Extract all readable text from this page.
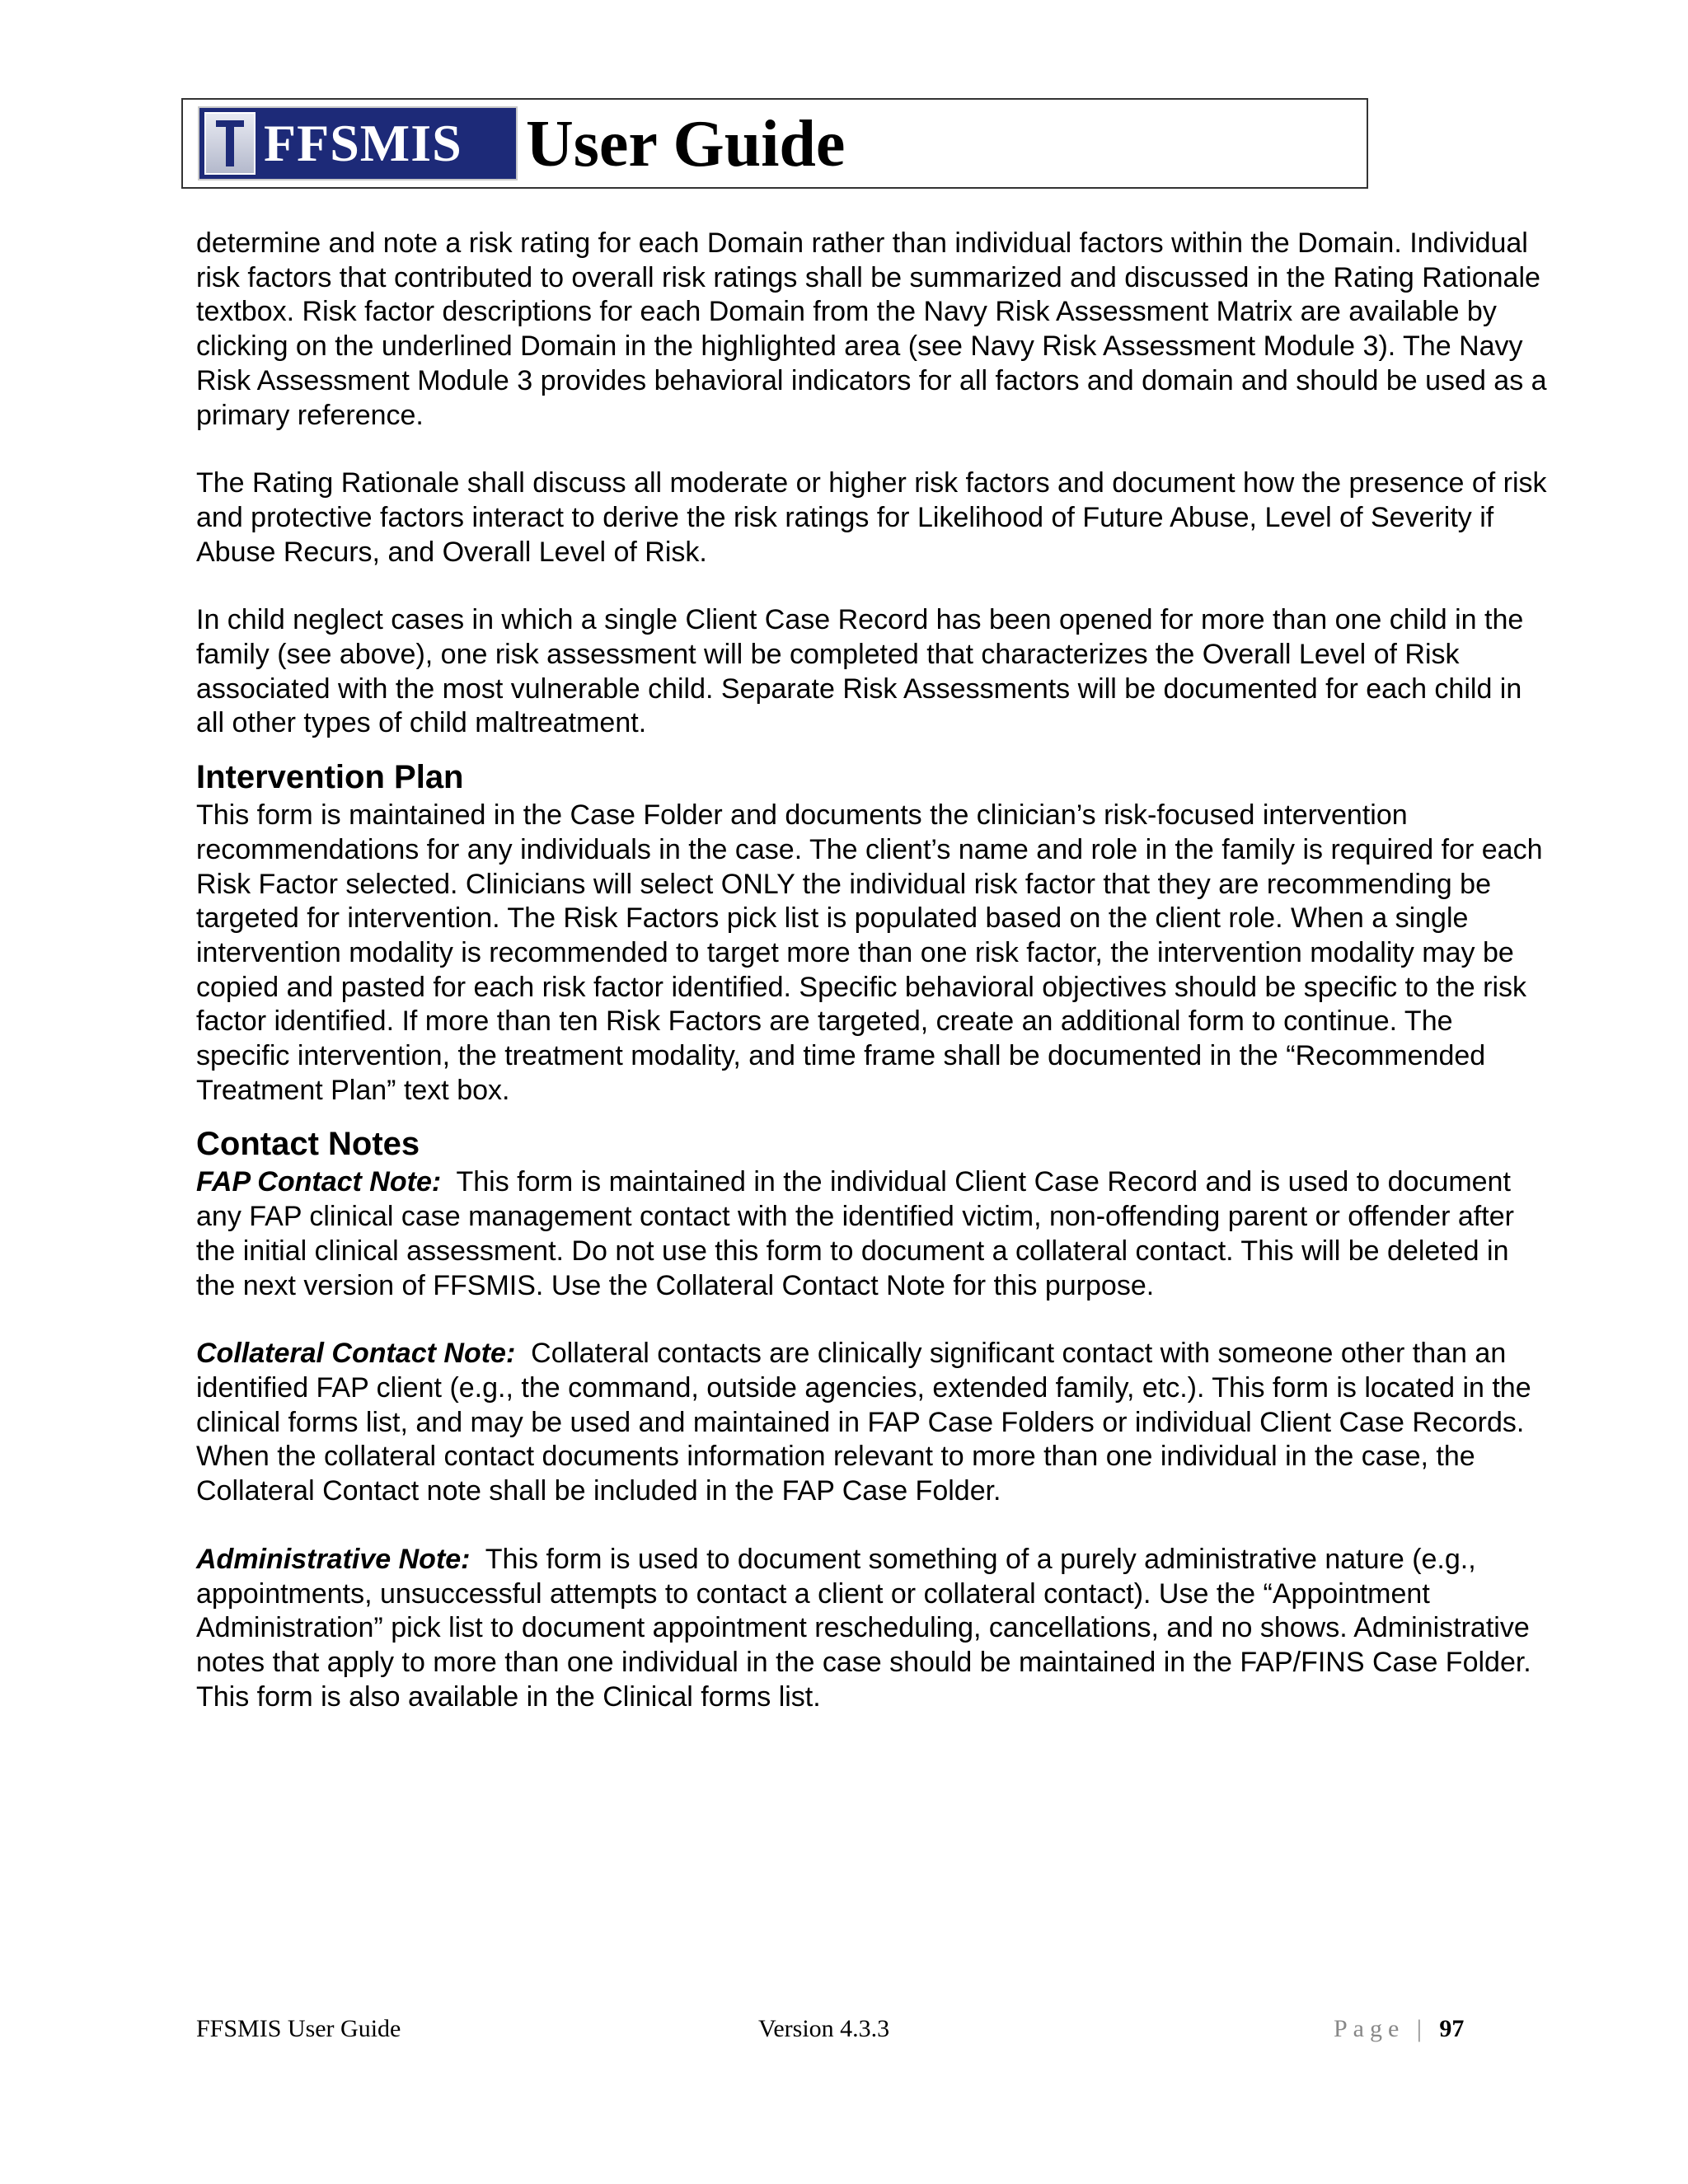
FFSMIS User Guide

determine and note a risk rating for each Domain rather than individual factors within the Domain. Individual risk factors that contributed to overall risk ratings shall be summarized and discussed in the Rating Rationale textbox. Risk factor descriptions for each Domain from the Navy Risk Assessment Matrix are available by clicking on the underlined Domain in the highlighted area (see Navy Risk Assessment Module 3). The Navy Risk Assessment Module 3 provides behavioral indicators for all factors and domain and should be used as a primary reference.

The Rating Rationale shall discuss all moderate or higher risk factors and document how the presence of risk and protective factors interact to derive the risk ratings for Likelihood of Future Abuse, Level of Severity if Abuse Recurs, and Overall Level of Risk.

In child neglect cases in which a single Client Case Record has been opened for more than one child in the family (see above), one risk assessment will be completed that characterizes the Overall Level of Risk associated with the most vulnerable child. Separate Risk Assessments will be documented for each child in all other types of child maltreatment.

Intervention Plan

This form is maintained in the Case Folder and documents the clinician’s risk-focused intervention recommendations for any individuals in the case. The client’s name and role in the family is required for each Risk Factor selected. Clinicians will select ONLY the individual risk factor that they are recommending be targeted for intervention. The Risk Factors pick list is populated based on the client role. When a single intervention modality is recommended to target more than one risk factor, the intervention modality may be copied and pasted for each risk factor identified. Specific behavioral objectives should be specific to the risk factor identified. If more than ten Risk Factors are targeted, create an additional form to continue. The specific intervention, the treatment modality, and time frame shall be documented in the “Recommended Treatment Plan” text box.

Contact Notes

FAP Contact Note: This form is maintained in the individual Client Case Record and is used to document any FAP clinical case management contact with the identified victim, non-offending parent or offender after the initial clinical assessment. Do not use this form to document a collateral contact. This will be deleted in the next version of FFSMIS. Use the Collateral Contact Note for this purpose.

Collateral Contact Note: Collateral contacts are clinically significant contact with someone other than an identified FAP client (e.g., the command, outside agencies, extended family, etc.). This form is located in the clinical forms list, and may be used and maintained in FAP Case Folders or individual Client Case Records. When the collateral contact documents information relevant to more than one individual in the case, the Collateral Contact note shall be included in the FAP Case Folder.

Administrative Note: This form is used to document something of a purely administrative nature (e.g., appointments, unsuccessful attempts to contact a client or collateral contact). Use the “Appointment Administration” pick list to document appointment rescheduling, cancellations, and no shows. Administrative notes that apply to more than one individual in the case should be maintained in the FAP/FINS Case Folder. This form is also available in the Clinical forms list.

FFSMIS User Guide	Version 4.3.3	Page | 97
